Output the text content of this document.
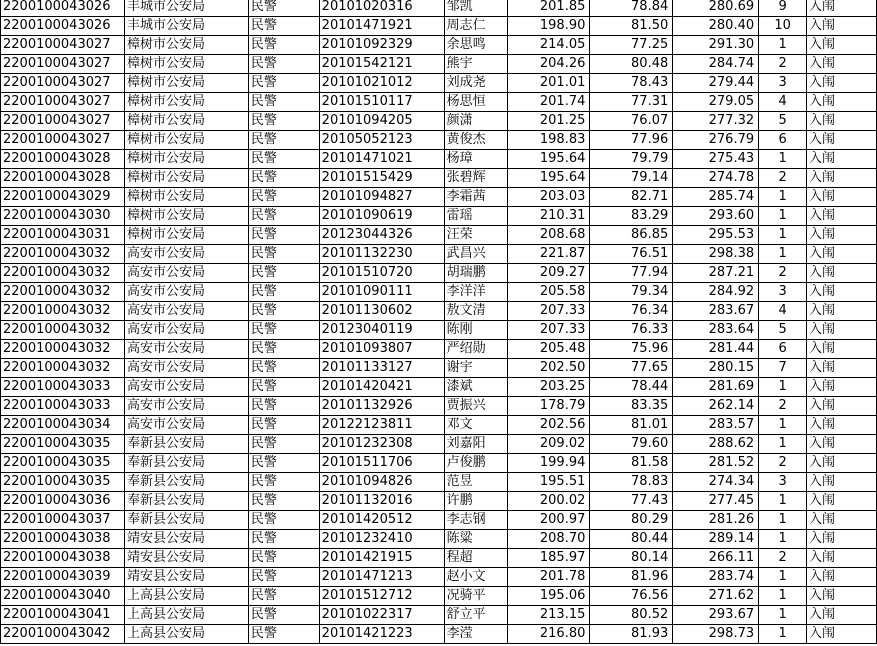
2200100043026	丰城市公安局	民警	20101020316	邹凯	201.85	78.84	280.69	9	入闱
2200100043026	丰城市公安局	民警	20101471921	周志仁	198.90	81.50	280.40	10	入闱
2200100043027	樟树市公安局	民警	20101092329	余思鸣	214.05	77.25	291.30	1	入闱
2200100043027	樟树市公安局	民警	20101542121	熊宇	204.26	80.48	284.74	2	入闱
2200100043027	樟树市公安局	民警	20101021012	刘成尧	201.01	78.43	279.44	3	入闱
2200100043027	樟树市公安局	民警	20101510117	杨思恒	201.74	77.31	279.05	4	入闱
2200100043027	樟树市公安局	民警	20101094205	颜潇	201.25	76.07	277.32	5	入闱
2200100043027	樟树市公安局	民警	20105052123	黄俊杰	198.83	77.96	276.79	6	入闱
2200100043028	樟树市公安局	民警	20101471021	杨璋	195.64	79.79	275.43	1	入闱
2200100043028	樟树市公安局	民警	20101515429	张碧辉	195.64	79.14	274.78	2	入闱
2200100043029	樟树市公安局	民警	20101094827	李霜茜	203.03	82.71	285.74	1	入闱
2200100043030	樟树市公安局	民警	20101090619	雷瑶	210.31	83.29	293.60	1	入闱
2200100043031	樟树市公安局	民警	20123044326	汪荣	208.68	86.85	295.53	1	入闱
2200100043032	高安市公安局	民警	20101132230	武昌兴	221.87	76.51	298.38	1	入闱
2200100043032	高安市公安局	民警	20101510720	胡瑞鹏	209.27	77.94	287.21	2	入闱
2200100043032	高安市公安局	民警	20101090111	李洋洋	205.58	79.34	284.92	3	入闱
2200100043032	高安市公安局	民警	20101130602	敖文清	207.33	76.34	283.67	4	入闱
2200100043032	高安市公安局	民警	20123040119	陈刚	207.33	76.33	283.64	5	入闱
2200100043032	高安市公安局	民警	20101093807	严绍勋	205.48	75.96	281.44	6	入闱
2200100043032	高安市公安局	民警	20101133127	谢宇	202.50	77.65	280.15	7	入闱
2200100043033	高安市公安局	民警	20101420421	漆斌	203.25	78.44	281.69	1	入闱
2200100043033	高安市公安局	民警	20101132926	贾振兴	178.79	83.35	262.14	2	入闱
2200100043034	高安市公安局	民警	20122123811	邓文	202.56	81.01	283.57	1	入闱
2200100043035	奉新县公安局	民警	20101232308	刘嘉阳	209.02	79.60	288.62	1	入闱
2200100043035	奉新县公安局	民警	20101511706	卢俊鹏	199.94	81.58	281.52	2	入闱
2200100043035	奉新县公安局	民警	20101094826	范昱	195.51	78.83	274.34	3	入闱
2200100043036	奉新县公安局	民警	20101132016	许鹏	200.02	77.43	277.45	1	入闱
2200100043037	奉新县公安局	民警	20101420512	李志钢	200.97	80.29	281.26	1	入闱
2200100043038	靖安县公安局	民警	20101232410	陈粱	208.70	80.44	289.14	1	入闱
2200100043038	靖安县公安局	民警	20101421915	程超	185.97	80.14	266.11	2	入闱
2200100043039	靖安县公安局	民警	20101471213	赵小文	201.78	81.96	283.74	1	入闱
2200100043040	上高县公安局	民警	20101512712	况骑平	195.06	76.56	271.62	1	入闱
2200100043041	上高县公安局	民警	20101022317	舒立平	213.15	80.52	293.67	1	入闱
2200100043042	上高县公安局	民警	20101421223	李滢	216.80	81.93	298.73	1	入闱
